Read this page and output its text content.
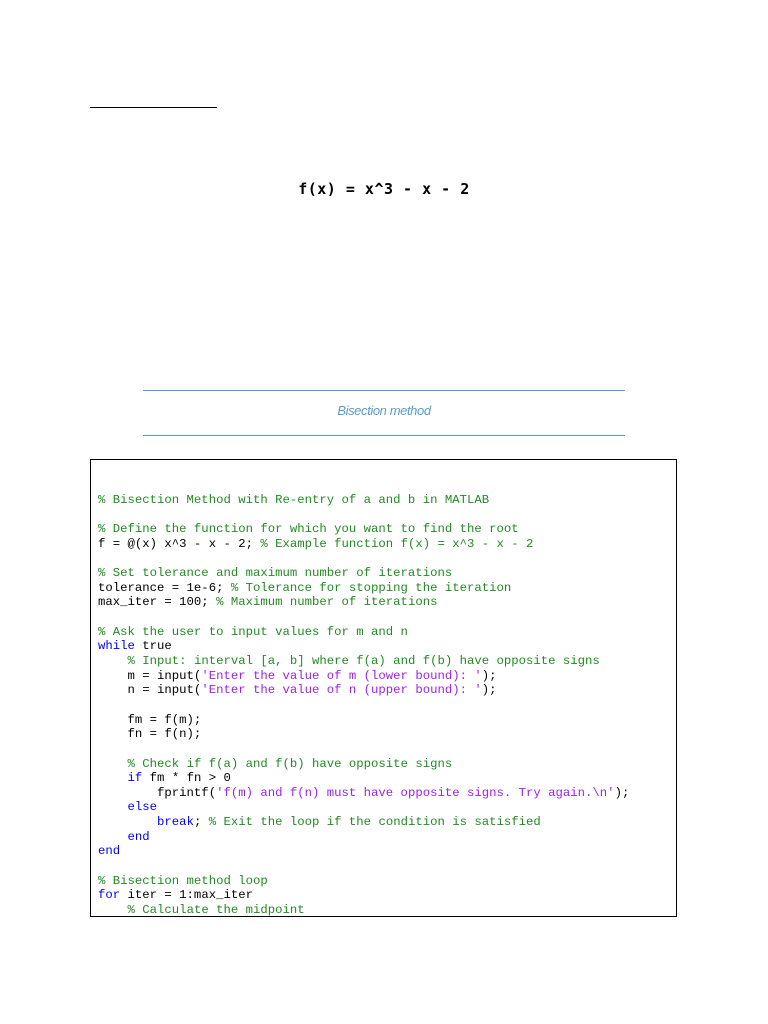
f(x) = x^3 - x - 2
Bisection method
% Bisection Method with Re-entry of a and b in MATLAB
% Define the function for which you want to find the root
f = @(x) x^3 - x - 2; % Example function f(x) = x^3 - x - 2
% Set tolerance and maximum number of iterations
tolerance = 1e-6; % Tolerance for stopping the iteration
max_iter = 100; % Maximum number of iterations
% Ask the user to input values for m and n
while true
% Input: interval [a, b] where f(a) and f(b) have opposite signs
m = input('Enter the value of m (lower bound): ');
n = input('Enter the value of n (upper bound): ');
fm = f(m);
fn = f(n);
% Check if f(a) and f(b) have opposite signs
if fm * fn > 0
fprintf('f(m) and f(n) must have opposite signs. Try again.\n');
else
break; % Exit the loop if the condition is satisfied
end
end
% Bisection method loop
for iter = 1:max_iter
% Calculate the midpoint
